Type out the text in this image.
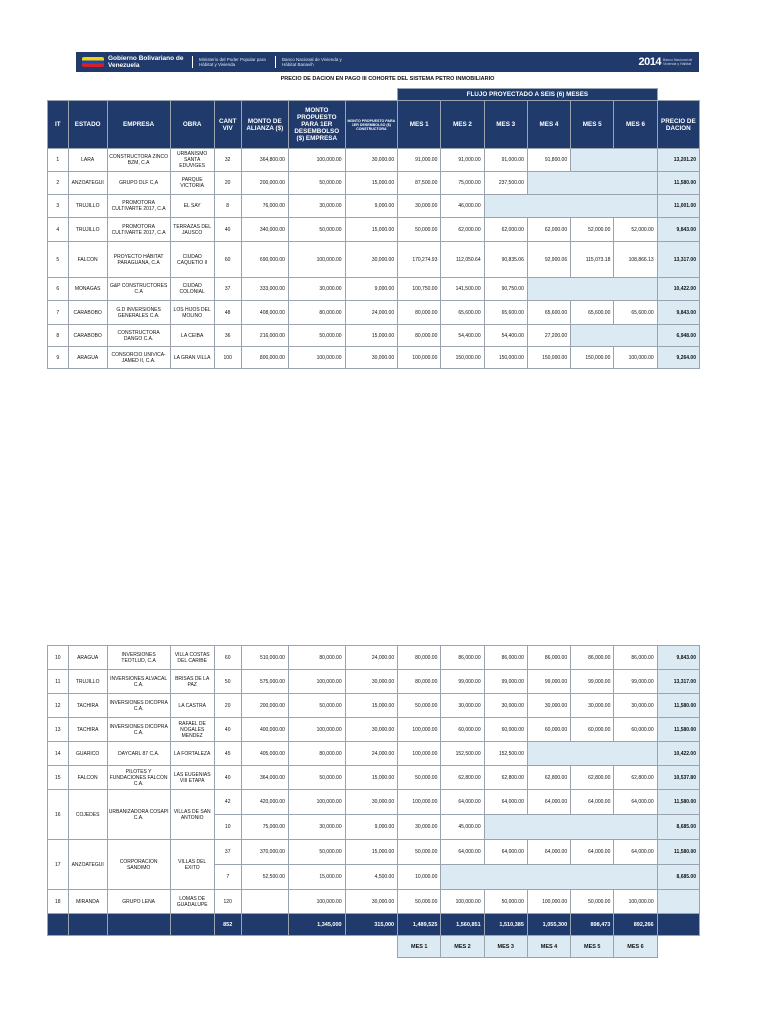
Gobierno Bolivariano de Venezuela
Ministerio del Poder Popular para Hábitat y Vivienda
Banco Nacional de Vivienda y Hábitat Banavih	2014 Banco Nacional de Vivienda y Hábitat
PRECIO DE DACION EN PAGO III COHORTE DEL SISTEMA PETRO INMOBILIARIO
								FLUJO PROYECTADO A SEIS (6) MESES						
IT	ESTADO	EMPRESA	OBRA	CANT VIV	MONTO DE ALIANZA ($)	MONTO PROPUESTO PARA 1ER DESEMBOLSO ($) EMPRESA	MONTO PROPUESTO PARA 1ER DESEMBOLSO ($) CONSTRUCTORA	MES 1	MES 2	MES 3	MES 4	MES 5	MES 6	PRECIO DE DACION
1	LARA	CONSTRUCTORA ZINCO BZM, C.A	URBANISMO SANTA EDUVIGES	32	364,800.00	100,000.00	30,000.00	91,000.00	91,000.00	91,000.00	91,800.00			13,201.20
2	ANZOATEGUI	GRUPO DLF C,A	PARQUE VICTORIA	20	200,000.00	50,000.00	15,000.00	87,500.00	75,000.00	237,500.00				11,580.00
3	TRUJILLO	PROMOTORA CULTIVARTE 2017, C.A	EL SAY	8	76,000.00	30,000.00	9,000.00	30,000.00	46,000.00					11,001.00
4	TRUJILLO	PROMOTORA CULTIVARTE 2017, C.A	TERRAZAS DEL JAUSCO	40	340,000.00	50,000.00	15,000.00	50,000.00	62,000.00	62,000.00	62,000.00	52,000.00	52,000.00	9,843.00
5	FALCON	PROYECTO HÁBITAT PARAGUANA, C.A	CIUDAD CAQUETIO II	60	690,000.00	100,000.00	30,000.00	170,274.93	112,050.64	90,835.06	92,900.06	115,073.18	108,866.13	13,317.00
6	MONAGAS	G&P CONSTRUCTORES C.A	CIUDAD COLONIAL	37	333,000.00	30,000.00	9,000.00	100,750.00	141,500.00	90,750.00				10,422.00
7	CARABOBO	G.D INVERSIONES GENERALES C.A.	LOS HIJOS DEL MOLINO	48	408,000.00	80,000.00	24,000.00	80,000.00	65,600.00	65,600.00	65,600.00	65,600.00	65,600.00	9,843.00
8	CARABOBO	CONSTRUCTORA DANGO C.A.	LA CEIBA	36	216,000.00	50,000.00	15,000.00	80,000.00	54,400.00	54,400.00	27,200.00			6,948.00
9	ARAGUA	CONSORCIO UNIVICA-JAMED II, C.A.	LA GRAN VILLA	100	800,000.00	100,000.00	30,000.00	100,000.00	150,000.00	150,000.00	150,000.00	150,000.00	100,000.00	9,264.00
10	ARAGUA	INVERSIONES TEOTLUD, C.A	VILLA COSTAS DEL CARIBE	60	510,000.00	80,000.00	24,000.00	80,000.00	86,000.00	86,000.00	86,000.00	86,000.00	86,000.00	9,843.00
11	TRUJILLO	INVERSIONES ALVACAL C.A.	BRISAS DE LA PAZ	50	575,000.00	100,000.00	30,000.00	80,000.00	99,000.00	99,000.00	99,000.00	99,000.00	99,000.00	13,317.00
12	TACHIRA	INVERSIONES DICOPRA C.A.	LA CASTRA	20	200,000.00	50,000.00	15,000.00	50,000.00	30,000.00	30,000.00	30,000.00	30,000.00	30,000.00	11,580.00
13	TACHIRA	INVERSIONES DICOPRA C.A.	RAFAEL DE NOGALES MENDEZ	40	400,000.00	100,000.00	30,000.00	100,000.00	60,000.00	60,000.00	60,000.00	60,000.00	60,000.00	11,580.00
14	GUARICO	DAYCARL 87 C.A.	LA FORTALEZA	45	405,000.00	80,000.00	24,000.00	100,000.00	152,500.00	152,500.00				10,422.00
15	FALCON	PILOTES Y FUNDACIONES FALCON C.A.	LAS EUGENIAS VIII ETAPA	40	364,000.00	50,000.00	15,000.00	50,000.00	62,800.00	62,800.00	62,800.00	62,800.00	62,800.00	10,537.80
16	COJEDES	URBANIZADORA COSAPI C.A.	VILLAS DE SAN ANTONIO	42	420,000.00	100,000.00	30,000.00	100,000.00	64,000.00	64,000.00	64,000.00	64,000.00	64,000.00	11,580.00
				10	75,000.00	30,000.00	9,000.00	30,000.00	45,000.00					8,685.00
17	ANZOATEGUI	CORPORACION SANDIMO	VILLAS DEL EXITO	37	370,000.00	50,000.00	15,000.00	50,000.00	64,000.00	64,000.00	64,000.00	64,000.00	64,000.00	11,580.00
				7	52,500.00	15,000.00	4,500.00	10,000.00						8,685.00
18	MIRANDA	GRUPO LENA	LOMAS DE GUADALUPE	120		100,000.00	30,000.00	50,000.00	100,000.00	50,000.00	100,000.00	50,000.00	100,000.00	
				852		1,345,000	315,000	1,489,525	1,560,851	1,510,385	1,055,300	898,473	892,266	
								MES 1	MES 2	MES 3	MES 4	MES 5	MES 6	
